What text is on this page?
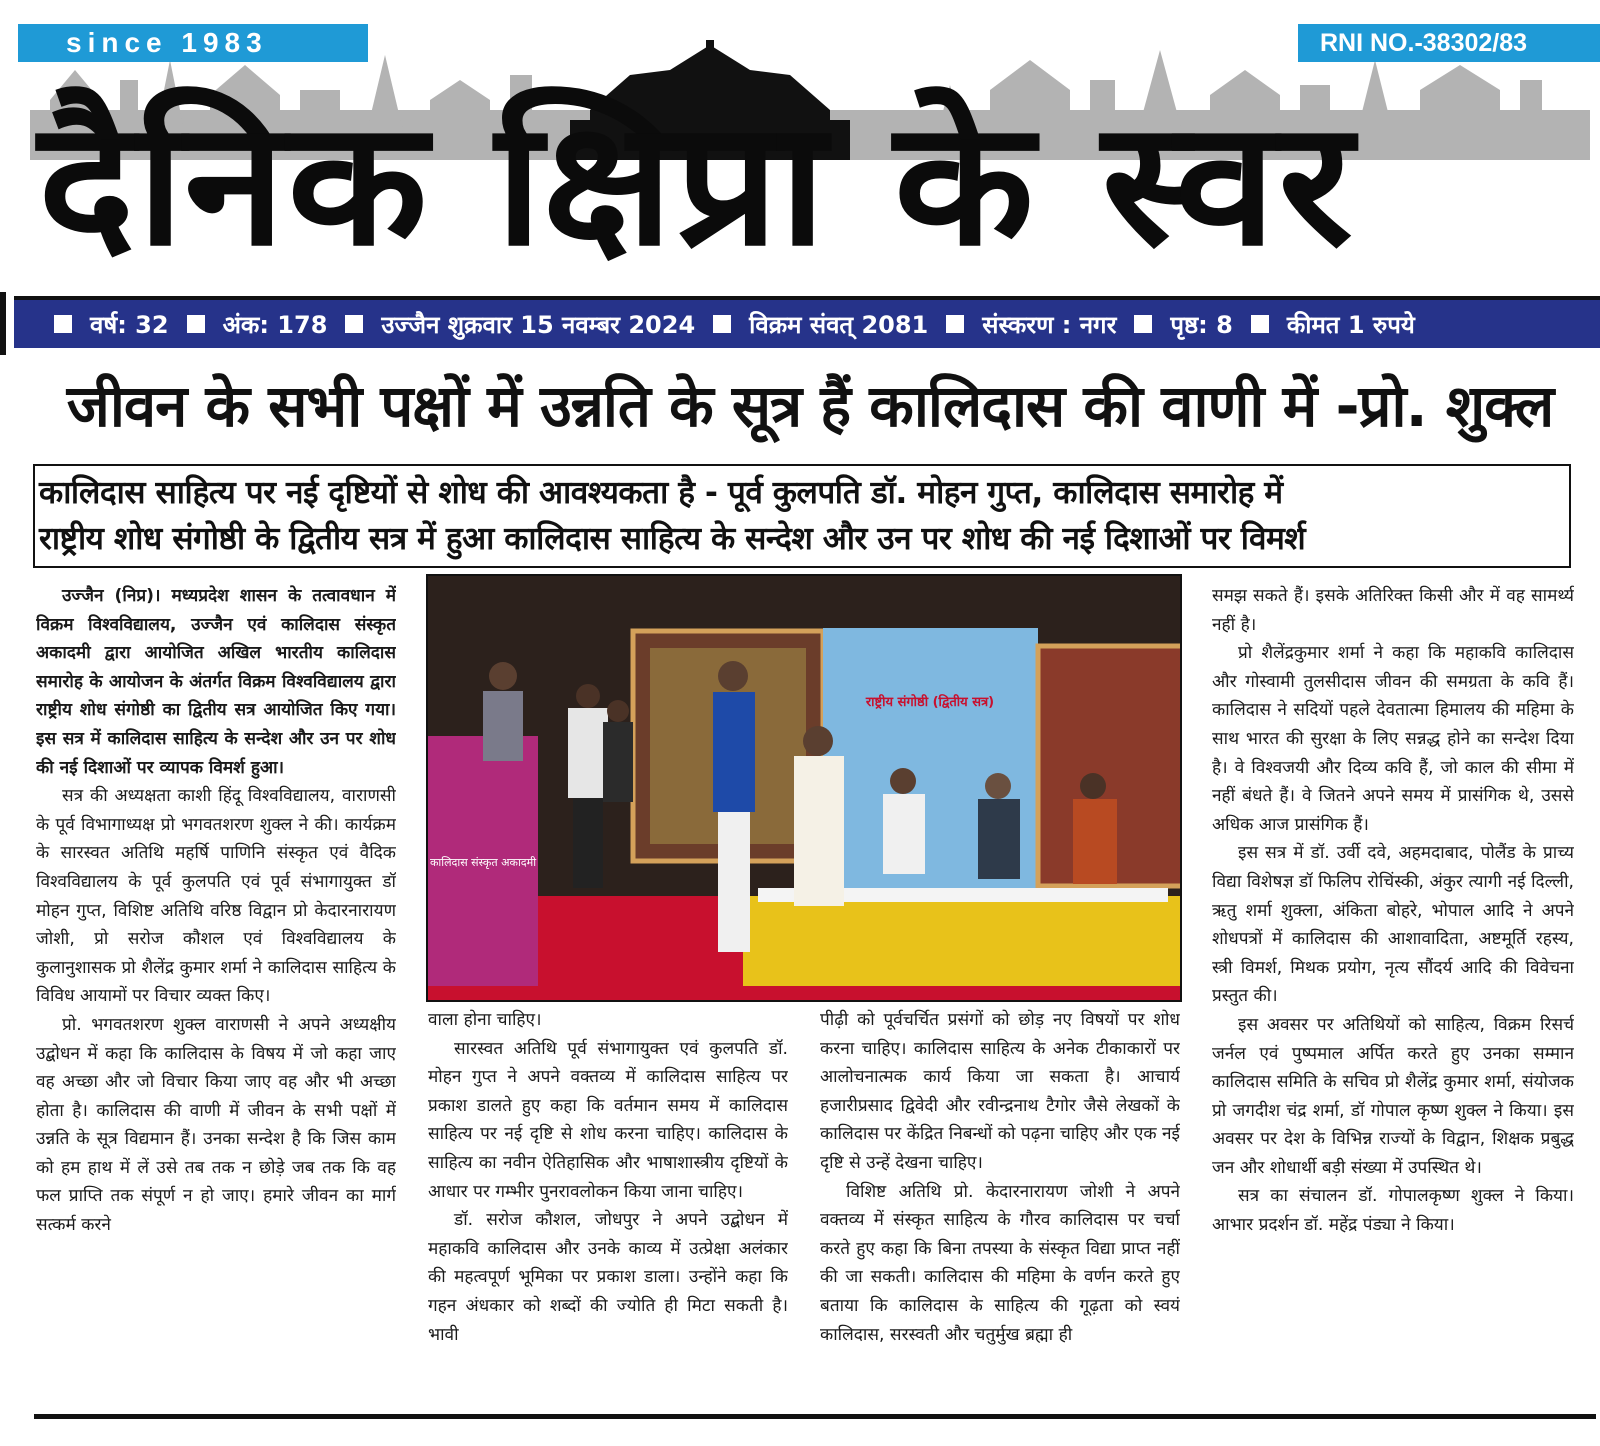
since 1983	RNI NO.-38302/83
दैनिक क्षिप्रा के स्वर
वर्ष: 32 अंक: 178 उज्जैन शुक्रवार 15 नवम्बर 2024 विक्रम संवत् 2081 संस्करण : नगर पृष्ठ: 8 कीमत 1 रुपये
जीवन के सभी पक्षों में उन्नति के सूत्र हैं कालिदास की वाणी में -प्रो. शुक्ल
कालिदास साहित्य पर नई दृष्टियों से शोध की आवश्यकता है - पूर्व कुलपति डॉ. मोहन गुप्त, कालिदास समारोह में
राष्ट्रीय शोध संगोष्ठी के द्वितीय सत्र में हुआ कालिदास साहित्य के सन्देश और उन पर शोध की नई दिशाओं पर विमर्श

उज्जैन (निप्र)। मध्यप्रदेश शासन के तत्वावधान में विक्रम विश्वविद्यालय, उज्जैन एवं कालिदास संस्कृत अकादमी द्वारा आयोजित अखिल भारतीय कालिदास समारोह के आयोजन के अंतर्गत विक्रम विश्वविद्यालय द्वारा राष्ट्रीय शोध संगोष्ठी का द्वितीय सत्र आयोजित किए गया। इस सत्र में कालिदास साहित्य के सन्देश और उन पर शोध की नई दिशाओं पर व्यापक विमर्श हुआ।

सत्र की अध्यक्षता काशी हिंदू विश्वविद्यालय, वाराणसी के पूर्व विभागाध्यक्ष प्रो भगवतशरण शुक्ल ने की। कार्यक्रम के सारस्वत अतिथि महर्षि पाणिनि संस्कृत एवं वैदिक विश्वविद्यालय के पूर्व कुलपति एवं पूर्व संभागायुक्त डॉ मोहन गुप्त, विशिष्ट अतिथि वरिष्ठ विद्वान प्रो केदारनारायण जोशी, प्रो सरोज कौशल एवं विश्वविद्यालय के कुलानुशासक प्रो शैलेंद्र कुमार शर्मा ने कालिदास साहित्य के विविध आयामों पर विचार व्यक्त किए।

प्रो. भगवतशरण शुक्ल वाराणसी ने अपने अध्यक्षीय उद्बोधन में कहा कि कालिदास के विषय में जो कहा जाए वह अच्छा और जो विचार किया जाए वह और भी अच्छा होता है। कालिदास की वाणी में जीवन के सभी पक्षों में उन्नति के सूत्र विद्यमान हैं। उनका सन्देश है कि जिस काम को हम हाथ में लें उसे तब तक न छोड़े जब तक कि वह फल प्राप्ति तक संपूर्ण न हो जाए। हमारे जीवन का मार्ग सत्कर्म करने

राष्ट्रीय संगोष्ठी (द्वितीय सत्र)
कालिदास संस्कृत अकादमी

वाला होना चाहिए।

सारस्वत अतिथि पूर्व संभागायुक्त एवं कुलपति डॉ. मोहन गुप्त ने अपने वक्तव्य में कालिदास साहित्य पर प्रकाश डालते हुए कहा कि वर्तमान समय में कालिदास साहित्य पर नई दृष्टि से शोध करना चाहिए। कालिदास के साहित्य का नवीन ऐतिहासिक और भाषाशास्त्रीय दृष्टियों के आधार पर गम्भीर पुनरावलोकन किया जाना चाहिए।

डॉ. सरोज कौशल, जोधपुर ने अपने उद्बोधन में महाकवि कालिदास और उनके काव्य में उत्प्रेक्षा अलंकार की महत्वपूर्ण भूमिका पर प्रकाश डाला। उन्होंने कहा कि गहन अंधकार को शब्दों की ज्योति ही मिटा सकती है। भावी

पीढ़ी को पूर्वचर्चित प्रसंगों को छोड़ नए विषयों पर शोध करना चाहिए। कालिदास साहित्य के अनेक टीकाकारों पर आलोचनात्मक कार्य किया जा सकता है। आचार्य हजारीप्रसाद द्विवेदी और रवीन्द्रनाथ टैगोर जैसे लेखकों के कालिदास पर केंद्रित निबन्धों को पढ़ना चाहिए और एक नई दृष्टि से उन्हें देखना चाहिए।

विशिष्ट अतिथि प्रो. केदारनारायण जोशी ने अपने वक्तव्य में संस्कृत साहित्य के गौरव कालिदास पर चर्चा करते हुए कहा कि बिना तपस्या के संस्कृत विद्या प्राप्त नहीं की जा सकती। कालिदास की महिमा के वर्णन करते हुए बताया कि कालिदास के साहित्य की गूढ़ता को स्वयं कालिदास, सरस्वती और चतुर्मुख ब्रह्मा ही

समझ सकते हैं। इसके अतिरिक्त किसी और में वह सामर्थ्य नहीं है।

प्रो शैलेंद्रकुमार शर्मा ने कहा कि महाकवि कालिदास और गोस्वामी तुलसीदास जीवन की समग्रता के कवि हैं। कालिदास ने सदियों पहले देवतात्मा हिमालय की महिमा के साथ भारत की सुरक्षा के लिए सन्नद्ध होने का सन्देश दिया है। वे विश्वजयी और दिव्य कवि हैं, जो काल की सीमा में नहीं बंधते हैं। वे जितने अपने समय में प्रासंगिक थे, उससे अधिक आज प्रासंगिक हैं।

इस सत्र में डॉ. उर्वी दवे, अहमदाबाद, पोलैंड के प्राच्य विद्या विशेषज्ञ डॉ फिलिप रोचिंस्की, अंकुर त्यागी नई दिल्ली, ऋतु शर्मा शुक्ला, अंकिता बोहरे, भोपाल आदि ने अपने शोधपत्रों में कालिदास की आशावादिता, अष्टमूर्ति रहस्य, स्त्री विमर्श, मिथक प्रयोग, नृत्य सौंदर्य आदि की विवेचना प्रस्तुत की।

इस अवसर पर अतिथियों को साहित्य, विक्रम रिसर्च जर्नल एवं पुष्पमाल अर्पित करते हुए उनका सम्मान कालिदास समिति के सचिव प्रो शैलेंद्र कुमार शर्मा, संयोजक प्रो जगदीश चंद्र शर्मा, डॉ गोपाल कृष्ण शुक्ल ने किया। इस अवसर पर देश के विभिन्न राज्यों के विद्वान, शिक्षक प्रबुद्ध जन और शोधार्थी बड़ी संख्या में उपस्थित थे।

सत्र का संचालन डॉ. गोपालकृष्ण शुक्ल ने किया। आभार प्रदर्शन डॉ. महेंद्र पंड्या ने किया।
